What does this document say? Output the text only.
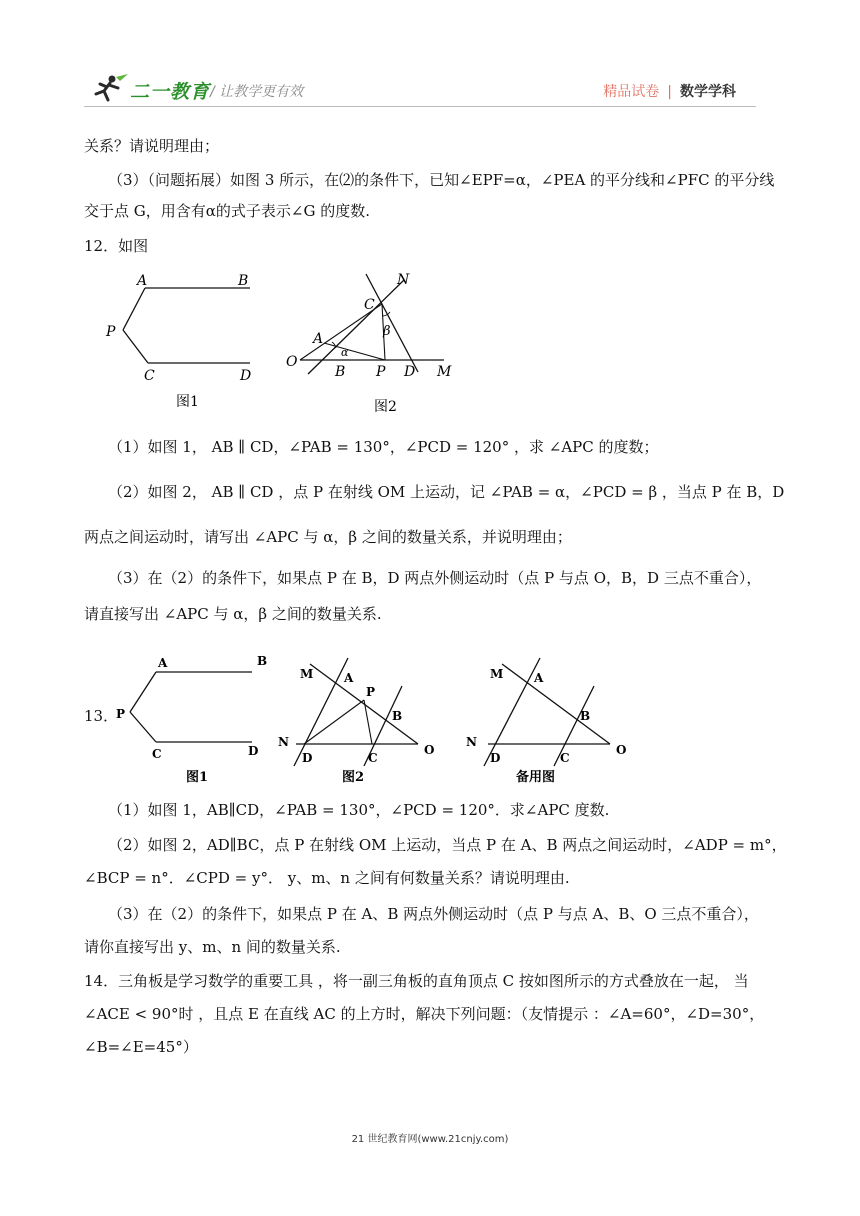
二一教育 / 让教学更有效	精品试卷 | 数学学科
关系？请说明理由；
（3）（问题拓展）如图 3 所示，在⑵的条件下，已知∠EPF=α，∠PEA 的平分线和∠PFC 的平分线
交于点 G，用含有α的式子表示∠G 的度数.
12．如图
A	B
P
C	D
图1
N
C
β
A
α
O
B P D M
图2
（1）如图 1， AB ∥ CD，∠PAB = 130°，∠PCD = 120° ，求 ∠APC 的度数；
（2）如图 2， AB ∥ CD ，点 P 在射线 OM 上运动，记 ∠PAB = α，∠PCD = β ，当点 P 在 B，D
两点之间运动时，请写出 ∠APC 与 α，β 之间的数量关系，并说明理由；
（3）在（2）的条件下，如果点 P 在 B，D 两点外侧运动时（点 P 与点 O，B，D 三点不重合），
请直接写出 ∠APC 与 α，β 之间的数量关系.
13．
A	B
P
C	D
图1
M	A
P
B
N
D	C
O
图2
M	A
B
N
D	C
O
备用图
（1）如图 1，AB∥CD，∠PAB = 130°，∠PCD = 120°．求∠APC 度数.
（2）如图 2，AD∥BC，点 P 在射线 OM 上运动，当点 P 在 A、B 两点之间运动时，∠ADP = m°，
∠BCP = n°．∠CPD = y°． y、m、n 之间有何数量关系？请说明理由.
（3）在（2）的条件下，如果点 P 在 A、B 两点外侧运动时（点 P 与点 A、B、O 三点不重合），
请你直接写出 y、m、n 间的数量关系.
14．三角板是学习数学的重要工具 ，将一副三角板的直角顶点 C 按如图所示的方式叠放在一起， 当
∠ACE < 90°时 ，且点 E 在直线 AC 的上方时，解决下列问题：（友情提示 ：∠A=60°，∠D=30°，
∠B=∠E=45°）
21 世纪教育网(www.21cnjy.com)
